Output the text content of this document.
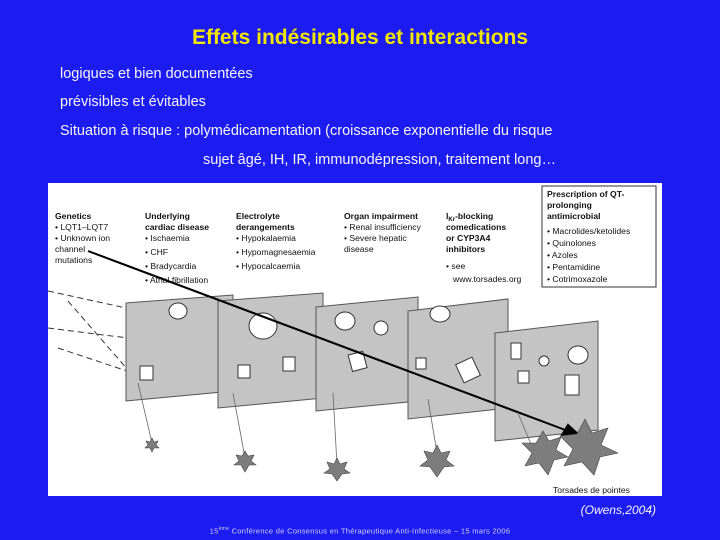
Effets indésirables et interactions
logiques et bien documentées
prévisibles et évitables
Situation à risque : polymédicamentation (croissance exponentielle du risque
sujet âgé, IH, IR, immunodépression, traitement long…
Genetics
• LQT1–LQT7
• Unknown ion
channel
mutations
Underlying
cardiac disease
• Ischaemia
• CHF
• Bradycardia
• Atrial fibrillation
Electrolyte
derangements
• Hypokalaemia
• Hypomagnesaemia
• Hypocalcaemia
Organ impairment
• Renal insufficiency
• Severe hepatic
disease
$I_{Kr}$-blocking
comedications
or CYP3A4
inhibitors
• see
www.torsades.org
Prescription of QT-
prolonging
antimicrobial
• Macrolides/ketolides
• Quinolones
• Azoles
• Pentamidine
• Cotrimoxazole
Torsades de pointes
(Owens,2004)
15ème Conférence de Consensus en Thérapeutique Anti-Infectieuse – 15 mars 2006
